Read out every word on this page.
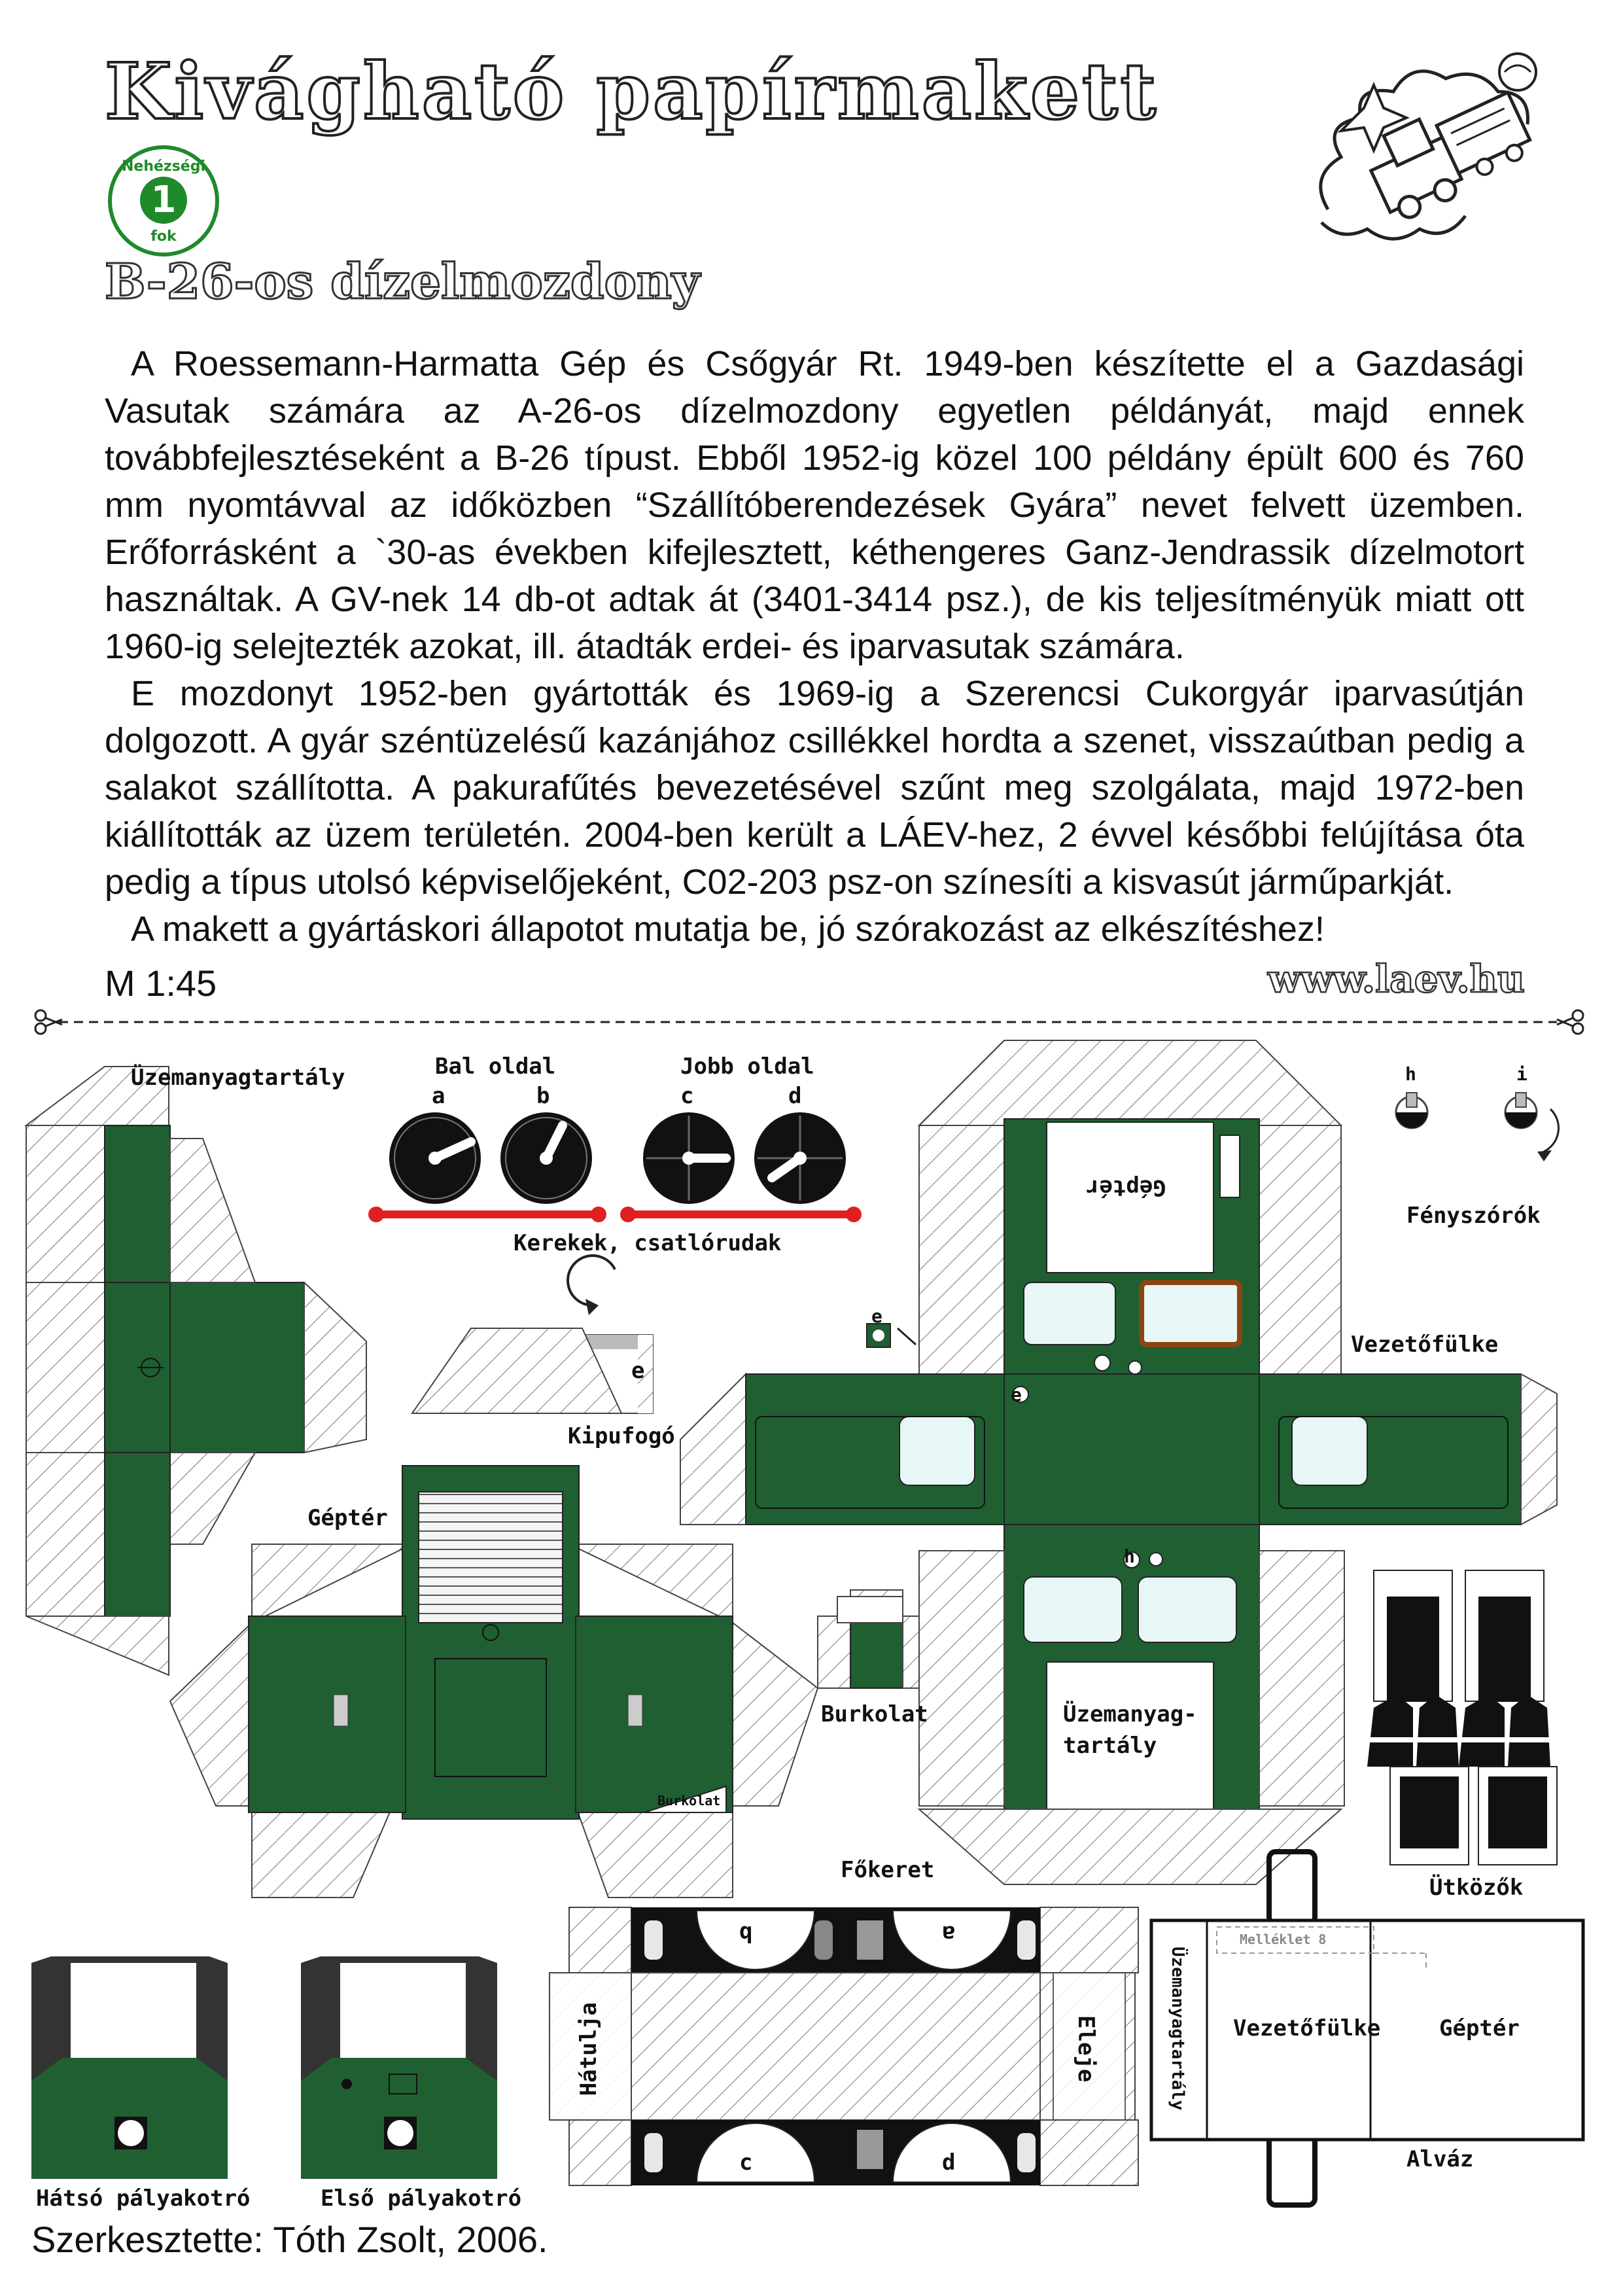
Kivágható papírmakett
Nehézségi
1
fok
B-26-os dízelmozdony

A Roessemann-Harmatta Gép és Csőgyár Rt. 1949-ben készítette el a Gazdasági Vasutak számára az A-26-os dízelmozdony egyetlen példányát, majd ennek továbbfejlesztéseként a B-26 típust. Ebből 1952-ig közel 100 példány épült 600 és 760 mm nyomtávval az időközben “Szállítóberendezések Gyára” nevet felvett üzemben. Erőforrásként a `30-as években kifejlesztett, kéthengeres Ganz-Jendrassik dízelmotort használtak. A GV-nek 14 db-ot adtak át (3401-3414 psz.), de kis teljesítményük miatt ott 1960-ig selejtezték azokat, ill. átadták erdei- és iparvasutak számára.

E mozdonyt 1952-ben gyártották és 1969-ig a Szerencsi Cukorgyár iparvasútján dolgozott. A gyár széntüzelésű kazánjához csillékkel hordta a szenet, visszaútban pedig a salakot szállította. A pakurafűtés bevezetésével szűnt meg szolgálata, majd 1972-ben kiállították az üzem területén. 2004-ben került a LÁEV-hez, 2 évvel későbbi felújítása óta pedig a típus utolsó képviselőjeként, C02-203 psz-on színesíti a kisvasút járműparkját.

A makett a gyártáskori állapotot mutatja be, jó szórakozást az elkészítéshez!

M 1:45	www.laev.hu
Üzemanyagtartály	Bal oldal	Jobb oldal
a	b	c	d
Kerekek, csatlórudak
e
Kipufogó
Géptér
Géptér
Vezetőfülke
e
e
h
h	i
Fényszórók
Burkolat
Burkolat
Üzemanyag-
tartály
Ütközők
Főkeret
b	a
c	d
Hátulja	Eleje	Üzemanyagtartály Vezetőfülke	Géptér
Alváz
Melléklet 8
Hátsó pályakotró	Első pályakotró
Szerkesztette: Tóth Zsolt, 2006.
